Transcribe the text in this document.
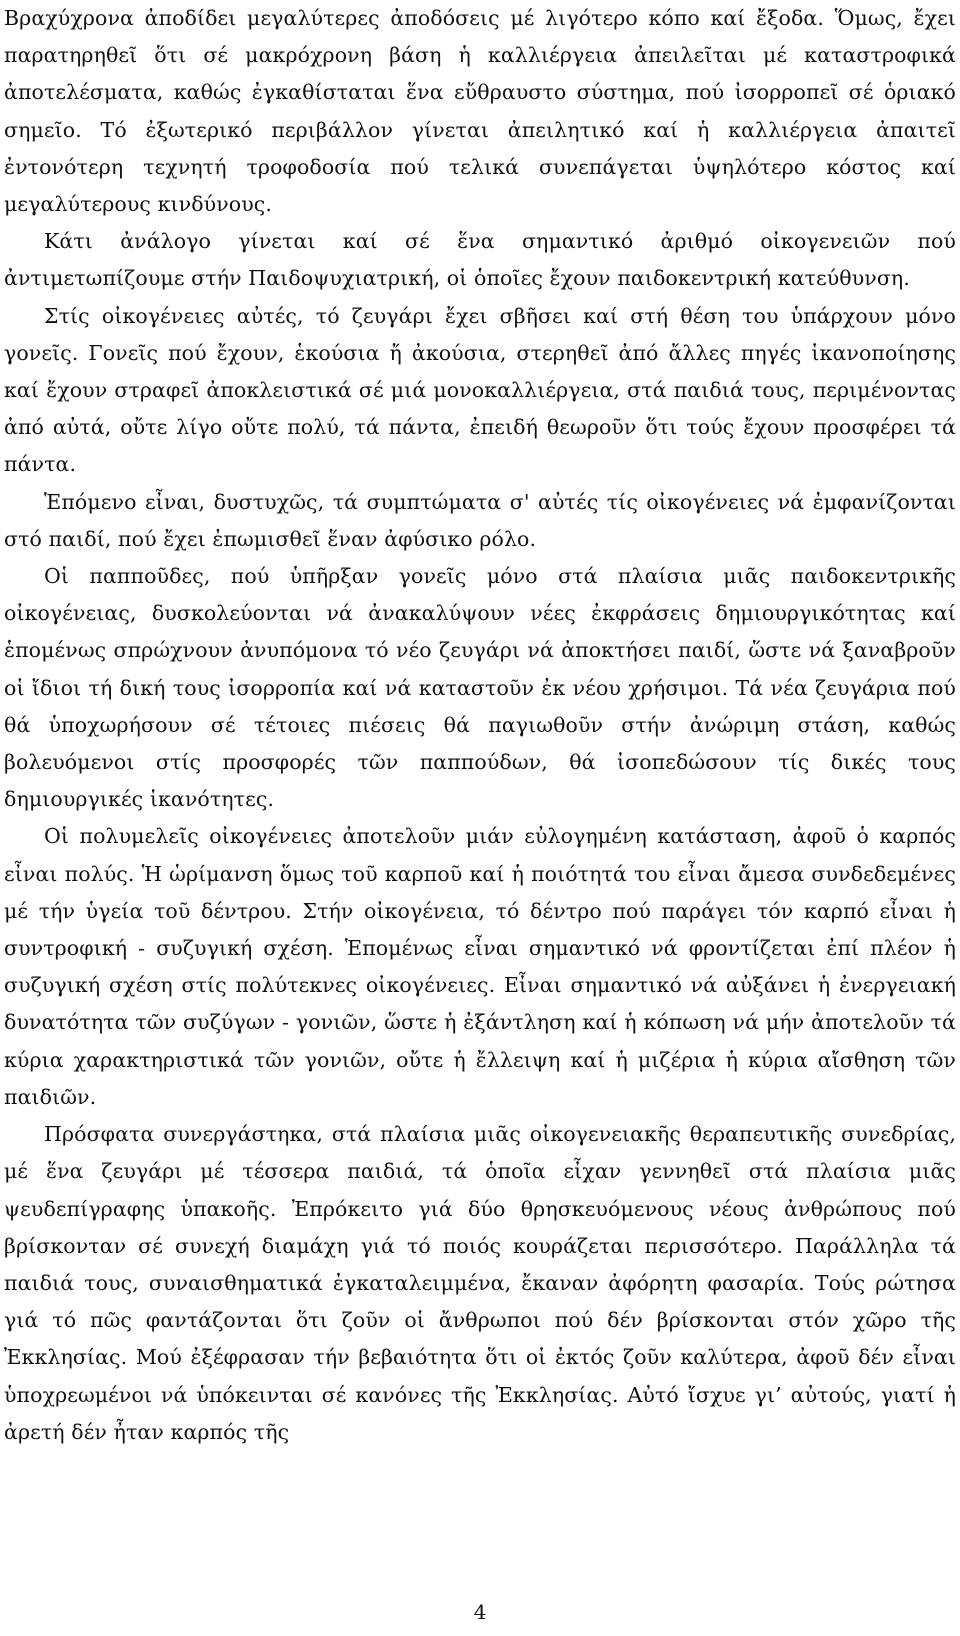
Βραχύχρονα ἀποδίδει μεγαλύτερες ἀποδόσεις μέ λιγότερο κόπο καί ἔξοδα. Ὅμως, ἔχει παρατηρηθεῖ ὅτι σέ μακρόχρονη βάση ἡ καλλιέργεια ἀπειλεῖται μέ καταστροφικά ἀποτελέσματα, καθώς ἐγκαθίσταται ἕνα εὔθραυστο σύστημα, πού ἰσορροπεῖ σέ ὁριακό σημεῖο. Τό ἐξωτερικό περιβάλλον γίνεται ἀπειλητικό καί ἡ καλλιέργεια ἀπαιτεῖ ἐντονότερη τεχνητή τροφοδοσία πού τελικά συνεπάγεται ὑψηλότερο κόστος καί μεγαλύτερους κινδύνους.

Κάτι ἀνάλογο γίνεται καί σέ ἕνα σημαντικό ἀριθμό οἰκογενειῶν πού ἀντιμετωπίζουμε στήν Παιδοψυχιατρική, οἱ ὁποῖες ἔχουν παιδοκεντρική κατεύθυνση.

Στίς οἰκογένειες αὐτές, τό ζευγάρι ἔχει σβῆσει καί στή θέση του ὑπάρχουν μόνο γονεῖς. Γονεῖς πού ἔχουν, ἑκούσια ἤ ἀκούσια, στερηθεῖ ἀπό ἄλλες πηγές ἱκανοποίησης καί ἔχουν στραφεῖ ἀποκλειστικά σέ μιά μονοκαλλιέργεια, στά παιδιά τους, περιμένοντας ἀπό αὐτά, οὔτε λίγο οὔτε πολύ, τά πάντα, ἐπειδή θεωροῦν ὅτι τούς ἔχουν προσφέρει τά πάντα.

Ἑπόμενο εἶναι, δυστυχῶς, τά συμπτώματα σ' αὐτές τίς οἰκογένειες νά ἐμφανίζονται στό παιδί, πού ἔχει ἐπωμισθεῖ ἕναν ἀφύσικο ρόλο.

Οἱ παπποῦδες, πού ὑπῆρξαν γονεῖς μόνο στά πλαίσια μιᾶς παιδοκεντρικῆς οἰκογένειας, δυσκολεύονται νά ἀνακαλύψουν νέες ἐκφράσεις δημιουργικότητας καί ἑπομένως σπρώχνουν ἀνυπόμονα τό νέο ζευγάρι νά ἀποκτήσει παιδί, ὥστε νά ξαναβροῦν οἱ ἴδιοι τή δική τους ἰσορροπία καί νά καταστοῦν ἐκ νέου χρήσιμοι. Τά νέα ζευγάρια πού θά ὑποχωρήσουν σέ τέτοιες πιέσεις θά παγιωθοῦν στήν ἀνώριμη στάση, καθώς βολευόμενοι στίς προσφορές τῶν παππούδων, θά ἰσοπεδώσουν τίς δικές τους δημιουργικές ἱκανότητες.

Οἱ πολυμελεῖς οἰκογένειες ἀποτελοῦν μιάν εὐλογημένη κατάσταση, ἀφοῦ ὁ καρπός εἶναι πολύς. Ἡ ὡρίμανση ὅμως τοῦ καρποῦ καί ἡ ποιότητά του εἶναι ἄμεσα συνδεδεμένες μέ τήν ὑγεία τοῦ δέντρου. Στήν οἰκογένεια, τό δέντρο πού παράγει τόν καρπό εἶναι ἡ συντροφική - συζυγική σχέση. Ἑπομένως εἶναι σημαντικό νά φροντίζεται ἐπί πλέον ἡ συζυγική σχέση στίς πολύτεκνες οἰκογένειες. Εἶναι σημαντικό νά αὐξάνει ἡ ἐνεργειακή δυνατότητα τῶν συζύγων - γονιῶν, ὥστε ἡ ἐξάντληση καί ἡ κόπωση νά μήν ἀποτελοῦν τά κύρια χαρακτηριστικά τῶν γονιῶν, οὔτε ἡ ἔλλειψη καί ἡ μιζέρια ἡ κύρια αἴσθηση τῶν παιδιῶν.

Πρόσφατα συνεργάστηκα, στά πλαίσια μιᾶς οἰκογενειακῆς θεραπευτικῆς συνεδρίας, μέ ἕνα ζευγάρι μέ τέσσερα παιδιά, τά ὁποῖα εἶχαν γεννηθεῖ στά πλαίσια μιᾶς ψευδεπίγραφης ὑπακοῆς. Ἐπρόκειτο γιά δύο θρησκευόμενους νέους ἀνθρώπους πού βρίσκονταν σέ συνεχή διαμάχη γιά τό ποιός κουράζεται περισσότερο. Παράλληλα τά παιδιά τους, συναισθηματικά ἐγκαταλειμμένα, ἔκαναν ἀφόρητη φασαρία. Τούς ρώτησα γιά τό πῶς φαντάζονται ὅτι ζοῦν οἱ ἄνθρωποι πού δέν βρίσκονται στόν χῶρο τῆς Ἐκκλησίας. Μού ἐξέφρασαν τήν βεβαιότητα ὅτι οἱ ἐκτός ζοῦν καλύτερα, ἀφοῦ δέν εἶναι ὑποχρεωμένοι νά ὑπόκεινται σέ κανόνες τῆς Ἐκκλησίας. Αὐτό ἴσχυε γι’ αὐτούς, γιατί ἡ ἀρετή δέν ἦταν καρπός τῆς

4
